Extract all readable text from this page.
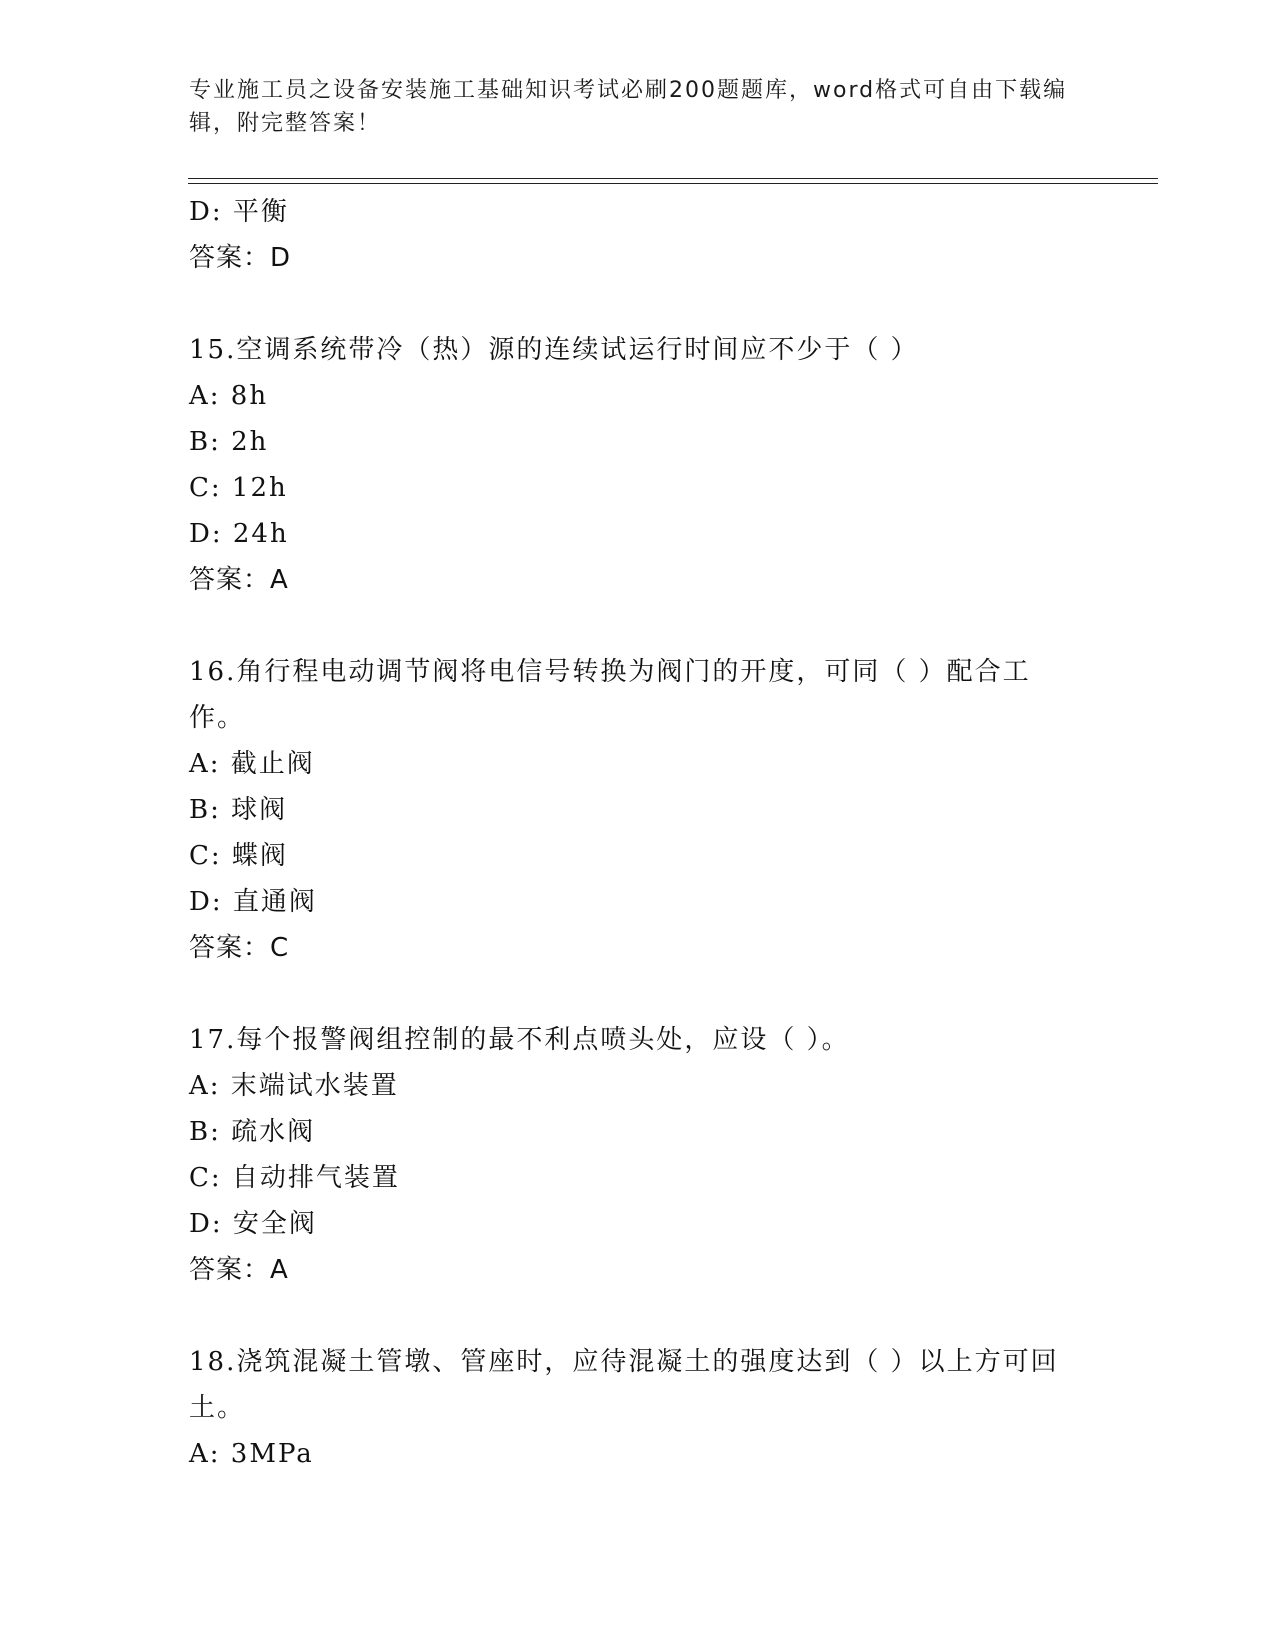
专业施工员之设备安装施工基础知识考试必刷200题题库，word格式可自由下载编辑，附完整答案！
D: 平衡
答案：D
15.空调系统带冷（热）源的连续试运行时间应不少于（ ）
A: 8h
B: 2h
C: 12h
D: 24h
答案：A
16.角行程电动调节阀将电信号转换为阀门的开度，可同（ ）配合工作。
A: 截止阀
B: 球阀
C: 蝶阀
D: 直通阀
答案：C
17.每个报警阀组控制的最不利点喷头处，应设（ ）。
A: 末端试水装置
B: 疏水阀
C: 自动排气装置
D: 安全阀
答案：A
18.浇筑混凝土管墩、管座时，应待混凝土的强度达到（ ）以上方可回土。
A: 3MPa
